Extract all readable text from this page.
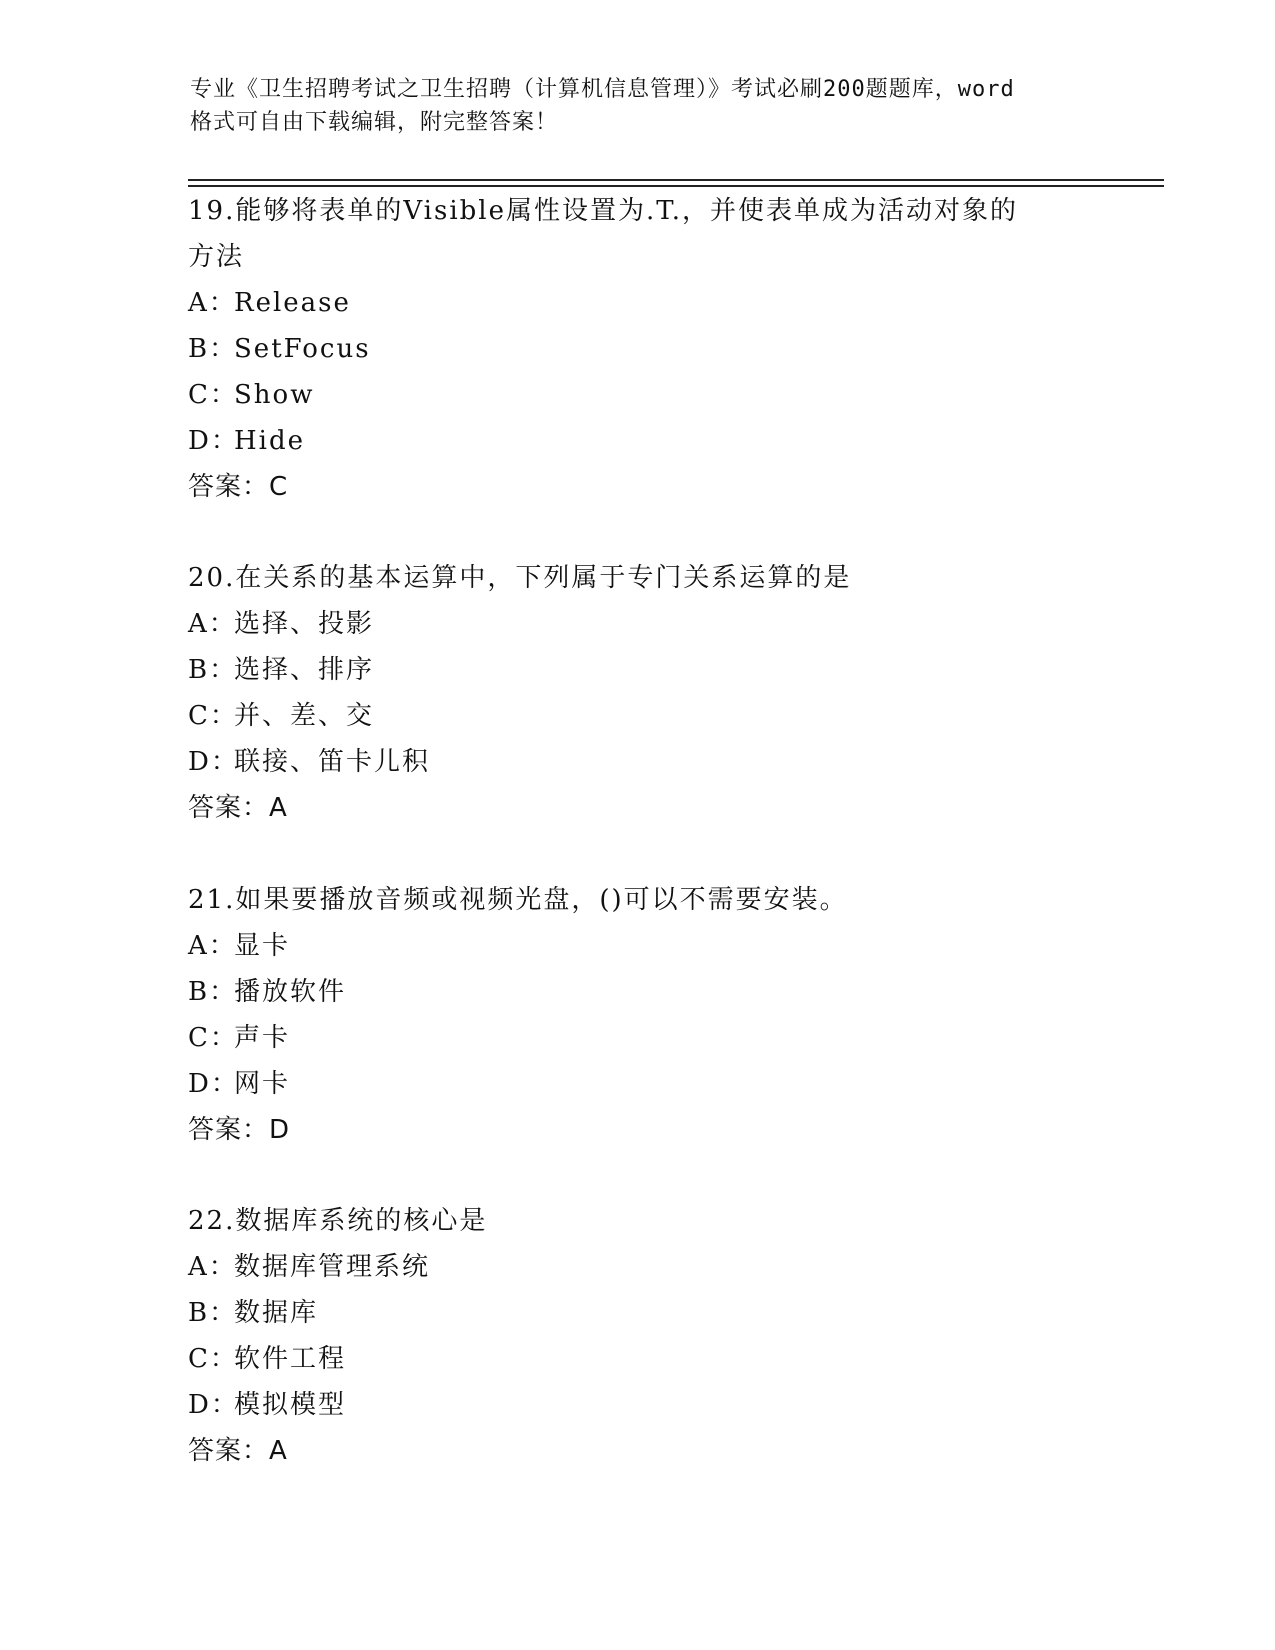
专业《卫生招聘考试之卫生招聘（计算机信息管理）》考试必刷200题题库，word
格式可自由下载编辑，附完整答案！
19.能够将表单的Visible属性设置为.T.，并使表单成为活动对象的
方法
A：Release
B：SetFocus
C：Show
D：Hide
答案：C
20.在关系的基本运算中，下列属于专门关系运算的是
A：选择、投影
B：选择、排序
C：并、差、交
D：联接、笛卡儿积
答案：A
21.如果要播放音频或视频光盘，()可以不需要安装。
A：显卡
B：播放软件
C：声卡
D：网卡
答案：D
22.数据库系统的核心是
A：数据库管理系统
B：数据库
C：软件工程
D：模拟模型
答案：A
